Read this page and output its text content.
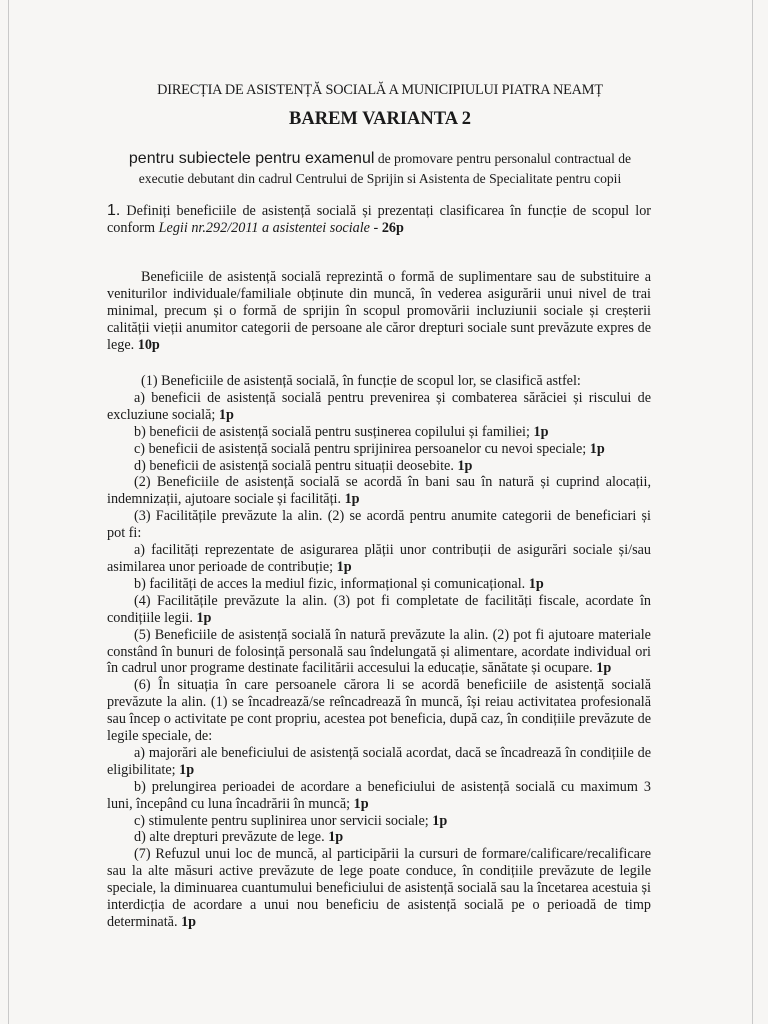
DIRECȚIA DE ASISTENȚĂ SOCIALĂ A MUNICIPIULUI PIATRA NEAMȚ

BAREM VARIANTA 2

pentru subiectele pentru examenul de promovare pentru personalul contractual de
executie debutant din cadrul Centrului de Sprijin si Asistenta de Specialitate pentru copii

1. Definiți beneficiile de asistență socială și prezentați clasificarea în funcție de scopul lor
conform Legii nr.292/2011 a asistentei sociale - 26p

Beneficiile de asistență socială reprezintă o formă de suplimentare sau de substituire a
veniturilor individuale/familiale obținute din muncă, în vederea asigurării unui nivel de trai
minimal, precum și o formă de sprijin în scopul promovării incluziunii sociale și creșterii
calității vieții anumitor categorii de persoane ale căror drepturi sociale sunt prevăzute expres de
lege. 10p

(1) Beneficiile de asistență socială, în funcție de scopul lor, se clasifică astfel:
a) beneficii de asistență socială pentru prevenirea și combaterea sărăciei și riscului de
excluziune socială; 1p
b) beneficii de asistență socială pentru susținerea copilului și familiei; 1p
c) beneficii de asistență socială pentru sprijinirea persoanelor cu nevoi speciale; 1p
d) beneficii de asistență socială pentru situații deosebite. 1p
(2) Beneficiile de asistență socială se acordă în bani sau în natură și cuprind alocații,
indemnizații, ajutoare sociale și facilități. 1p
(3) Facilitățile prevăzute la alin. (2) se acordă pentru anumite categorii de beneficiari și
pot fi:
a) facilități reprezentate de asigurarea plății unor contribuții de asigurări sociale și/sau
asimilarea unor perioade de contribuție; 1p
b) facilități de acces la mediul fizic, informațional și comunicațional. 1p
(4) Facilitățile prevăzute la alin. (3) pot fi completate de facilități fiscale, acordate în
condițiile legii. 1p
(5) Beneficiile de asistență socială în natură prevăzute la alin. (2) pot fi ajutoare materiale
constând în bunuri de folosință personală sau îndelungată și alimentare, acordate individual ori
în cadrul unor programe destinate facilitării accesului la educație, sănătate și ocupare. 1p
(6) În situația în care persoanele cărora li se acordă beneficiile de asistență socială
prevăzute la alin. (1) se încadrează/se reîncadrează în muncă, își reiau activitatea profesională
sau încep o activitate pe cont propriu, acestea pot beneficia, după caz, în condițiile prevăzute de
legile speciale, de:
a) majorări ale beneficiului de asistență socială acordat, dacă se încadrează în condițiile de
eligibilitate; 1p
b) prelungirea perioadei de acordare a beneficiului de asistență socială cu maximum 3
luni, începând cu luna încadrării în muncă; 1p
c) stimulente pentru suplinirea unor servicii sociale; 1p
d) alte drepturi prevăzute de lege. 1p
(7) Refuzul unui loc de muncă, al participării la cursuri de formare/calificare/recalificare
sau la alte măsuri active prevăzute de lege poate conduce, în condițiile prevăzute de legile
speciale, la diminuarea cuantumului beneficiului de asistență socială sau la încetarea acestuia și
interdicția de acordare a unui nou beneficiu de asistență socială pe o perioadă de timp
determinată. 1p
